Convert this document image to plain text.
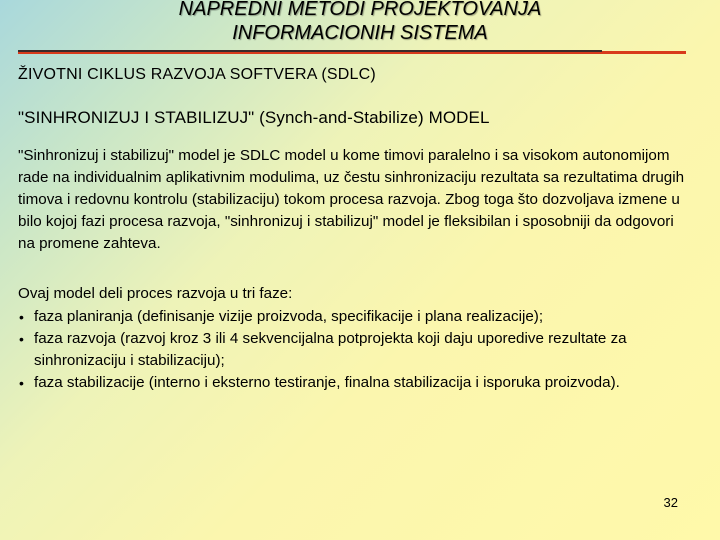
NAPREDNI METODI PROJEKTOVANJA
INFORMACIONIH SISTEMA
ŽIVOTNI CIKLUS RAZVOJA SOFTVERA (SDLC)
"SINHRONIZUJ I STABILIZUJ" (Synch-and-Stabilize) MODEL
"Sinhronizuj i stabilizuj" model je SDLC model u kome timovi paralelno i sa visokom autonomijom rade na individualnim aplikativnim modulima, uz čestu sinhronizaciju rezultata sa rezultatima drugih timova i redovnu kontrolu (stabilizaciju) tokom procesa razvoja. Zbog toga što dozvoljava izmene u bilo kojoj fazi procesa razvoja, "sinhronizuj i stabilizuj" model je fleksibilan i sposobniji da odgovori na promene zahteva.
Ovaj model deli proces razvoja u tri faze:
• faza planiranja (definisanje vizije proizvoda, specifikacije i plana realizacije);
• faza razvoja (razvoj kroz 3 ili 4 sekvencijalna potprojekta koji daju uporedive rezultate za sinhronizaciju i stabilizaciju);
• faza stabilizacije (interno i eksterno testiranje, finalna stabilizacija i isporuka proizvoda).
32
